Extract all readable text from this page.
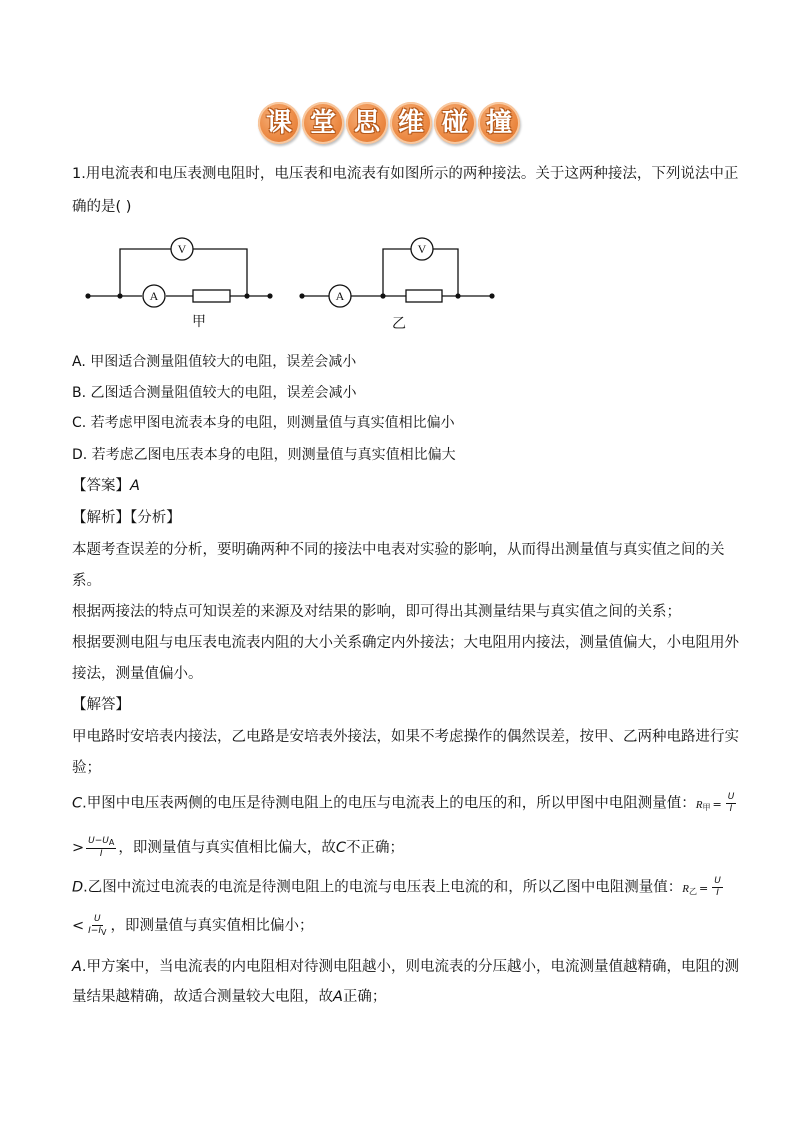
课 堂 思 维 碰 撞
1.用电流表和电压表测电阻时，电压表和电流表有如图所示的两种接法。关于这两种接法，下列说法中正
确的是( )
A
V
A
V
甲	乙
A. 甲图适合测量阻值较大的电阻，误差会减小
B. 乙图适合测量阻值较大的电阻，误差会减小
C. 若考虑甲图电流表本身的电阻，则测量值与真实值相比偏小
D. 若考虑乙图电压表本身的电阻，则测量值与真实值相比偏大
【答案】A
【解析】【分析】
本题考查误差的分析，要明确两种不同的接法中电表对实验的影响，从而得出测量值与真实值之间的关
系。
根据两接法的特点可知误差的来源及对结果的影响，即可得出其测量结果与真实值之间的关系；
根据要测电阻与电压表电流表内阻的大小关系确定内外接法；大电阻用内接法，测量值偏大，小电阻用外
接法，测量值偏小。
【解答】
甲电路时安培表内接法，乙电路是安培表外接法，如果不考虑操作的偶然误差，按甲、乙两种电路进行实
验；
C.甲图中电压表两侧的电压是待测电阻上的电压与电流表上的电压的和，所以甲图中电阻测量值：$R_甲 = \frac{U}{I}$
> $\frac{U-UA}{I}$ ，即测量值与真实值相比偏大，故C不正确；
D.乙图中流过电流表的电流是待测电阻上的电流与电压表上电流的和，所以乙图中电阻测量值：$R_乙 = \frac{U}{I}$
< $\frac{U}{I-IV}$ ，即测量值与真实值相比偏小；
A.甲方案中，当电流表的内电阻相对待测电阻越小，则电流表的分压越小，电流测量值越精确，电阻的测
量结果越精确，故适合测量较大电阻，故A正确；
